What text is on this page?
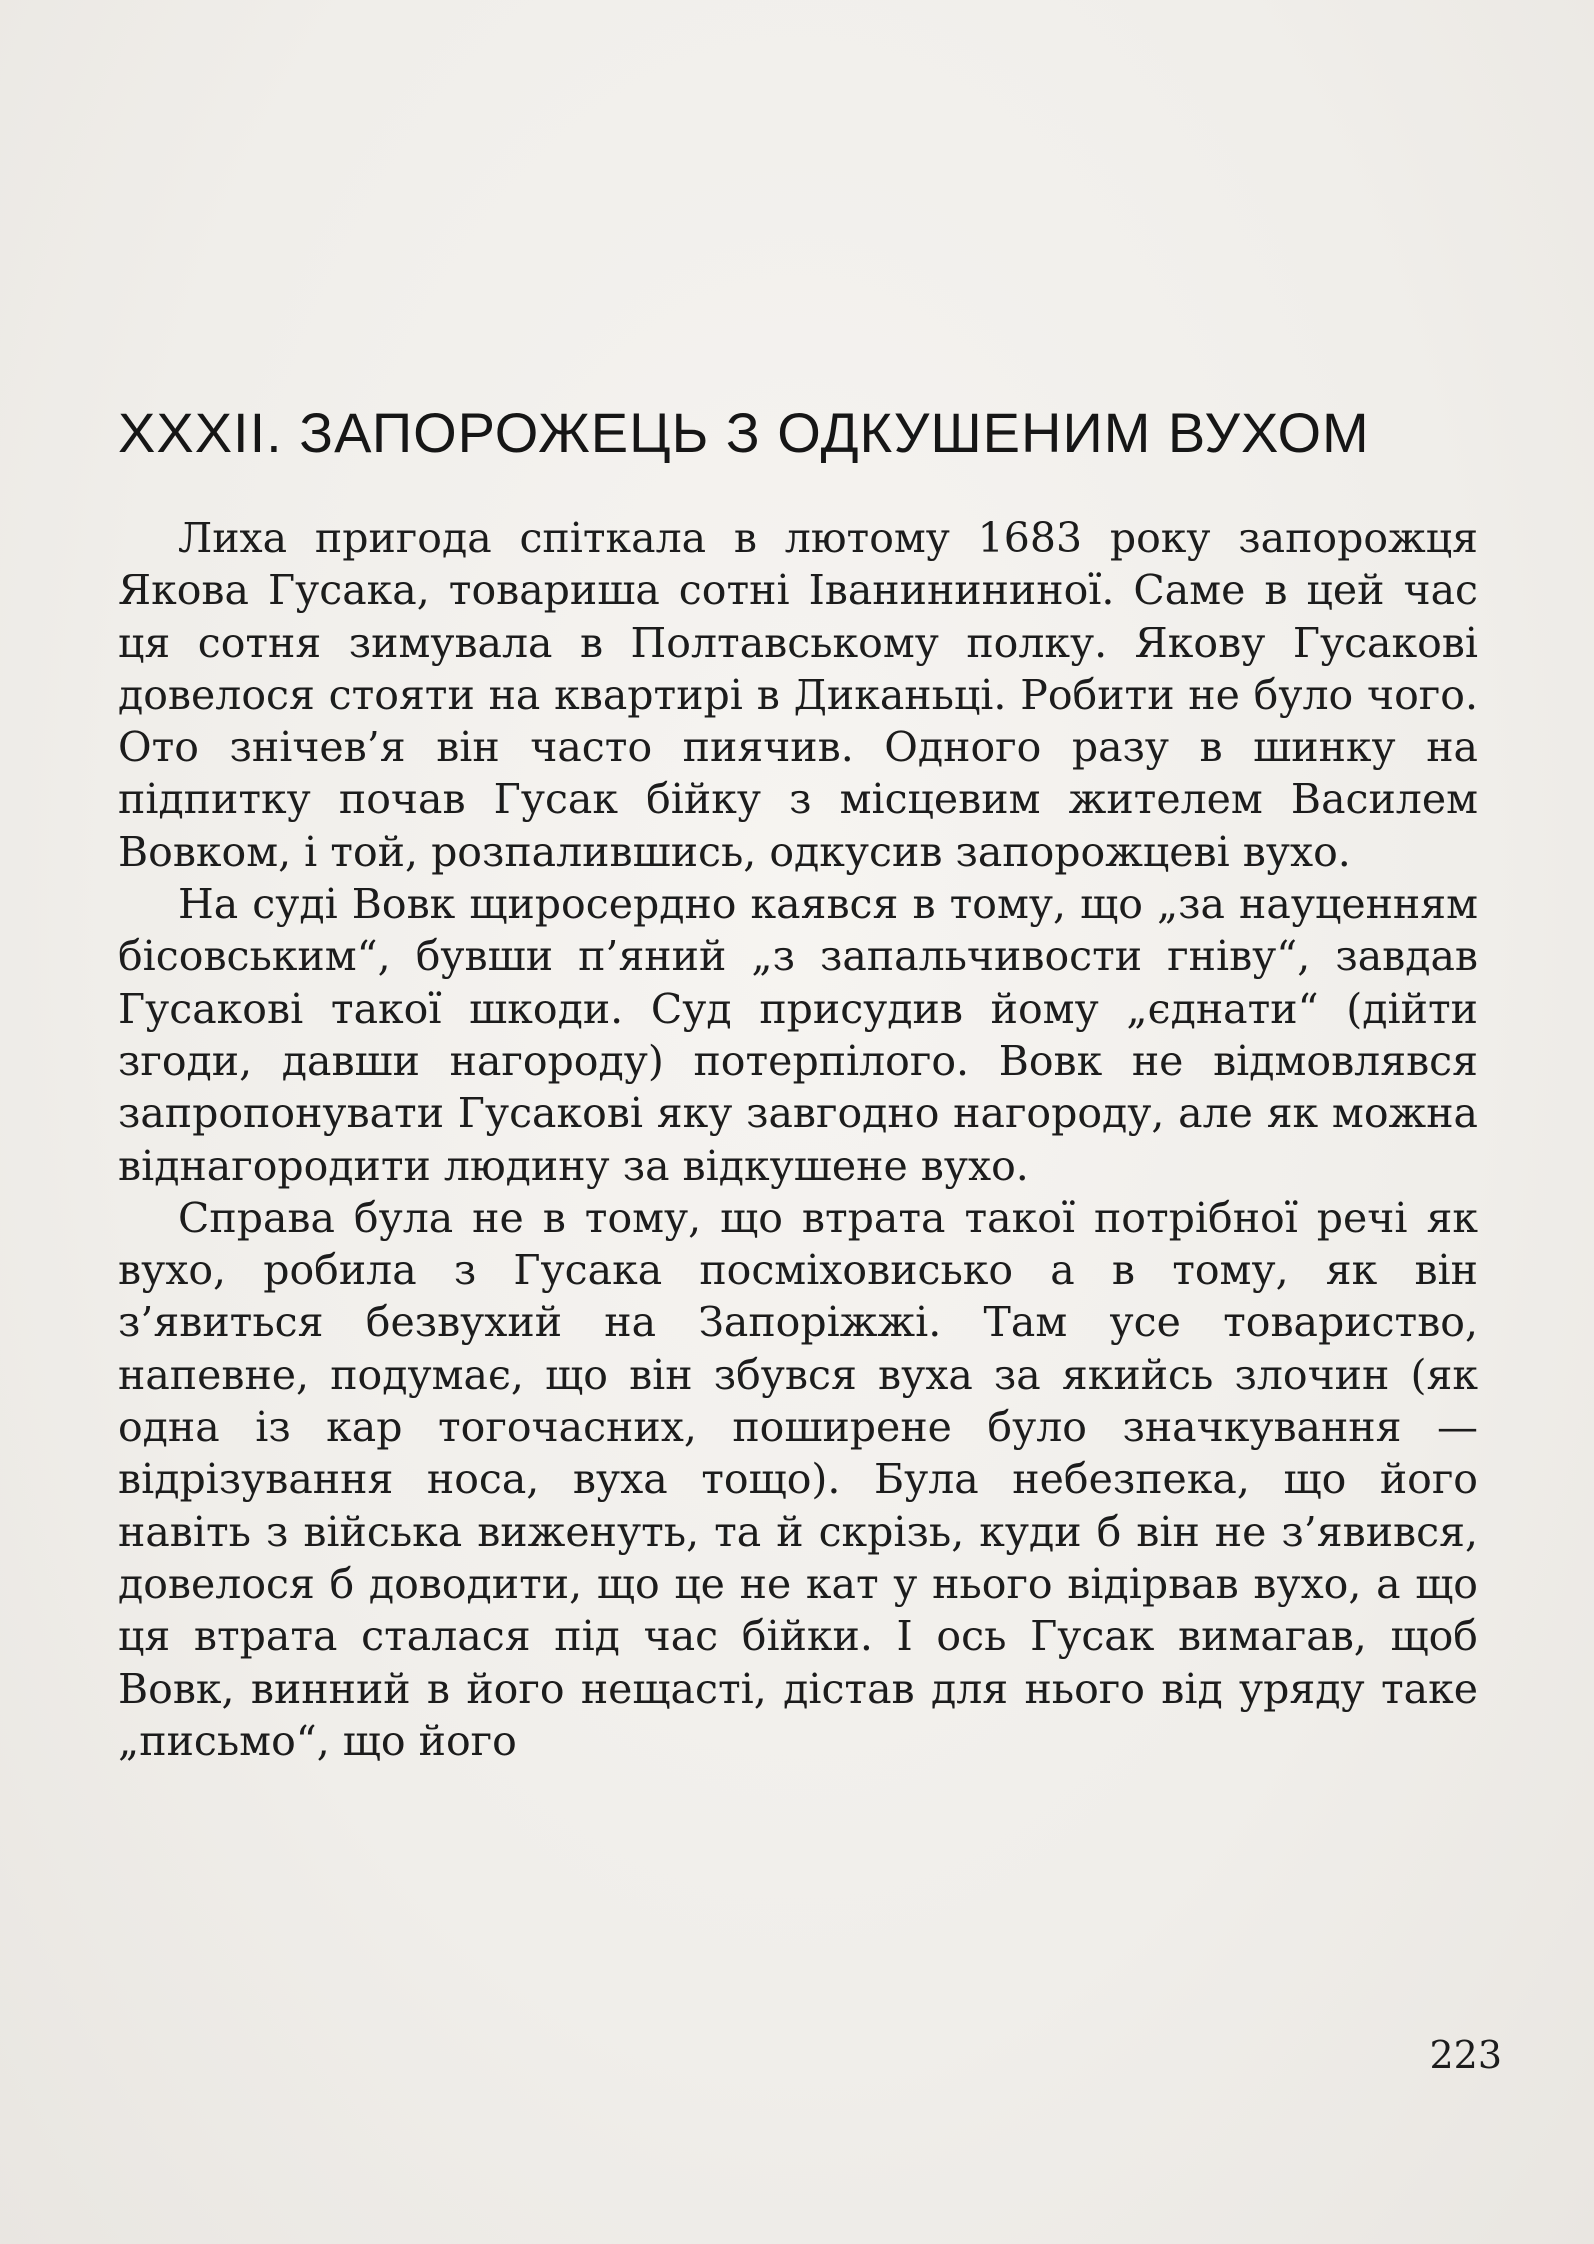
XXXII. ЗАПОРОЖЕЦЬ З ОДКУШЕНИМ ВУХОМ

Лиха пригода спіткала в лютому 1683 року запорожця Якова Гусака, товариша сотні Іванинининої. Саме в цей час ця сотня зимувала в Полтавському полку. Якову Гусакові довелося стояти на квартирі в Диканьці. Робити не було чого. Ото знічев’я він часто пиячив. Одного разу в шинку на підпитку почав Гусак бійку з місцевим жителем Василем Вовком, і той, розпалившись, одкусив запорожцеві вухо.

На суді Вовк щиросердно каявся в тому, що „за науценням бісовським“, бувши п’яний „з запальчивости гніву“, завдав Гусакові такої шкоди. Суд присудив йому „єднати“ (дійти згоди, давши нагороду) потерпілого. Вовк не відмовлявся запропонувати Гусакові яку завгодно нагороду, але як можна віднагородити людину за відкушене вухо.

Справа була не в тому, що втрата такої потрібної речі як вухо, робила з Гусака посміховисько а в тому, як він з’явиться безвухий на Запоріжжі. Там усе товариство, напевне, подумає, що він збувся вуха за якийсь злочин (як одна із кар тогочасних, поширене було значкування — відрізування носа, вуха тощо). Була небезпека, що його навіть з війська виженуть, та й скрізь, куди б він не з’явився, довелося б доводити, що це не кат у нього відірвав вухо, а що ця втрата сталася під час бійки. І ось Гусак вимагав, щоб Вовк, винний в його нещасті, дістав для нього від уряду таке „письмо“, що його

223
